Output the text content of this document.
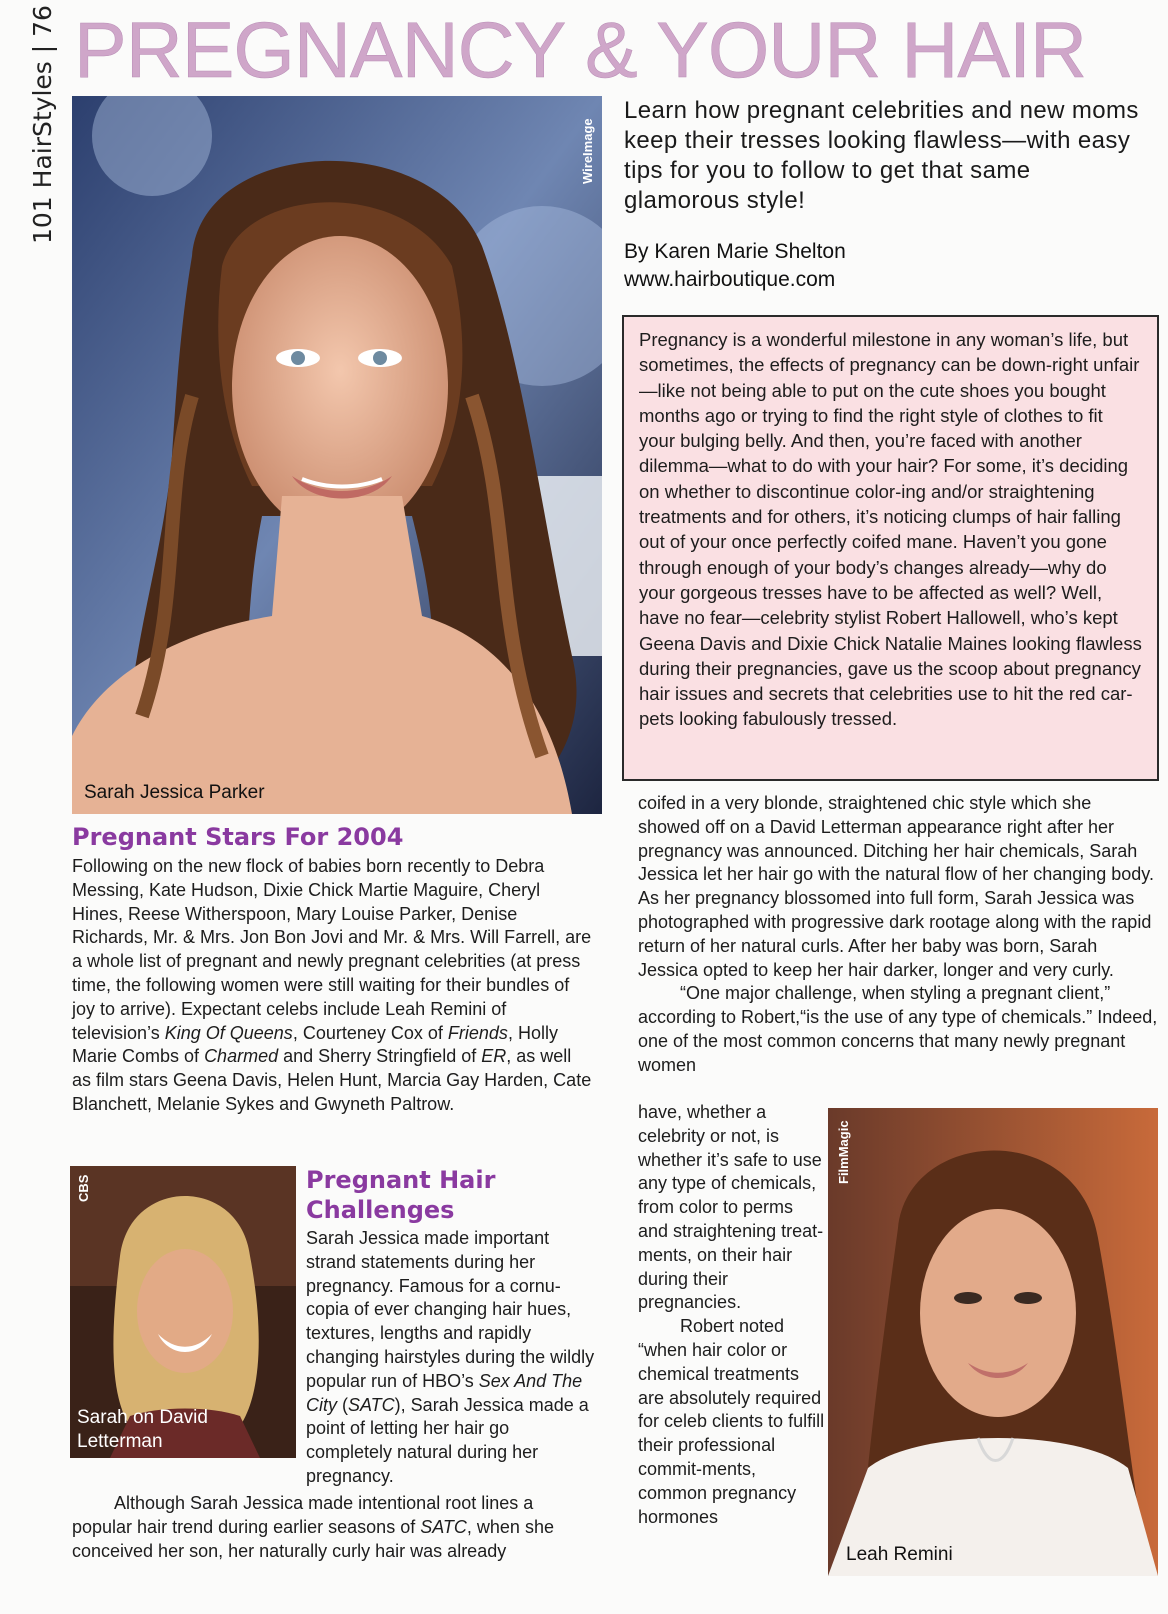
101 HairStyles | 76 PREGNANCY & YOUR HAIR
WireImage
Sarah Jessica Parker
Learn how pregnant celebrities and new moms keep their tresses looking flawless—with easy tips for you to follow to get that same glamorous style!
By Karen Marie Shelton
www.hairboutique.com
Pregnancy is a wonderful milestone in any woman’s life, but sometimes, the effects of pregnancy can be down-right unfair—like not being able to put on the cute shoes you bought months ago or trying to find the right style of clothes to fit your bulging belly. And then, you’re faced with another dilemma—what to do with your hair? For some, it’s deciding on whether to discontinue color-ing and/or straightening treatments and for others, it’s noticing clumps of hair falling out of your once perfectly coifed mane. Haven’t you gone through enough of your body’s changes already—why do your gorgeous tresses have to be affected as well? Well, have no fear—celebrity stylist Robert Hallowell, who’s kept Geena Davis and Dixie Chick Natalie Maines looking flawless during their pregnancies, gave us the scoop about pregnancy hair issues and secrets that celebrities use to hit the red car-pets looking fabulously tressed.
Pregnant Stars For 2004
Following on the new flock of babies born recently to Debra Messing, Kate Hudson, Dixie Chick Martie Maguire, Cheryl Hines, Reese Witherspoon, Mary Louise Parker, Denise Richards, Mr. & Mrs. Jon Bon Jovi and Mr. & Mrs. Will Farrell, are a whole list of pregnant and newly pregnant celebrities (at press time, the following women were still waiting for their bundles of joy to arrive). Expectant celebs include Leah Remini of television’s King Of Queens, Courteney Cox of Friends, Holly Marie Combs of Charmed and Sherry Stringfield of ER, as well as film stars Geena Davis, Helen Hunt, Marcia Gay Harden, Cate Blanchett, Melanie Sykes and Gwyneth Paltrow.
CBS
Sarah on David Letterman
Pregnant Hair Challenges
Sarah Jessica made important strand statements during her pregnancy. Famous for a cornu-copia of ever changing hair hues, textures, lengths and rapidly changing hairstyles during the wildly popular run of HBO’s Sex And The City (SATC), Sarah Jessica made a point of letting her hair go completely natural during her pregnancy.
Although Sarah Jessica made intentional root lines a popular hair trend during earlier seasons of SATC, when she conceived her son, her naturally curly hair was already
coifed in a very blonde, straightened chic style which she showed off on a David Letterman appearance right after her pregnancy was announced. Ditching her hair chemicals, Sarah Jessica let her hair go with the natural flow of her changing body. As her pregnancy blossomed into full form, Sarah Jessica was photographed with progressive dark rootage along with the rapid return of her natural curls. After her baby was born, Sarah Jessica opted to keep her hair darker, longer and very curly.
“One major challenge, when styling a pregnant client,” according to Robert,“is the use of any type of chemicals.” Indeed, one of the most common concerns that many newly pregnant women
have, whether a celebrity or not, is whether it’s safe to use any type of chemicals, from color to perms and straightening treat-ments, on their hair during their pregnancies.
Robert noted “when hair color or chemical treatments are absolutely required for celeb clients to fulfill their professional commit-ments, common pregnancy hormones
FilmMagic
Leah Remini
